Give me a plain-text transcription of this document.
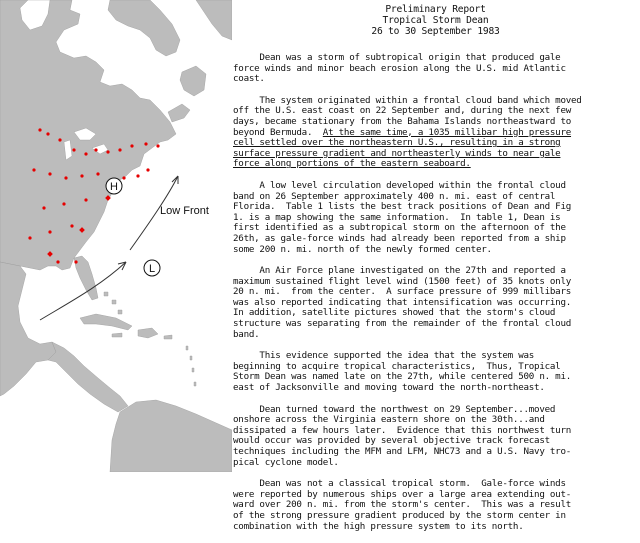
H
L
Low Front
Preliminary Report
Tropical Storm Dean
26 to 30 September 1983
Dean was a storm of subtropical origin that produced gale
force winds and minor beach erosion along the U.S. mid Atlantic
coast.
The system originated within a frontal cloud band which moved
off the U.S. east coast on 22 September and, during the next few
days, became stationary from the Bahama Islands northeastward to
beyond Bermuda.  At the same time, a 1035 millibar high pressure
cell settled over the northeastern U.S., resulting in a strong
surface pressure gradient and northeasterly winds to near gale
force along portions of the eastern seaboard.
A low level circulation developed within the frontal cloud
band on 26 September approximately 400 n. mi. east of central
Florida.  Table 1 lists the best track positions of Dean and Fig
1. is a map showing the same information.  In table 1, Dean is
first identified as a subtropical storm on the afternoon of the
26th, as gale-force winds had already been reported from a ship
some 200 n. mi. north of the newly formed center.
An Air Force plane investigated on the 27th and reported a
maximum sustained flight level wind (1500 feet) of 35 knots only
20 n. mi.  from the center.  A surface pressure of 999 millibars
was also reported indicating that intensification was occurring.
In addition, satellite pictures showed that the storm's cloud
structure was separating from the remainder of the frontal cloud
band.
This evidence supported the idea that the system was
beginning to acquire tropical characteristics,  Thus, Tropical
Storm Dean was named late on the 27th, while centered 500 n. mi.
east of Jacksonville and moving toward the north-northeast.
Dean turned toward the northwest on 29 September...moved
onshore across the Virginia eastern shore on the 30th...and
dissipated a few hours later.  Evidence that this northwest turn
would occur was provided by several objective track forecast
techniques including the MFM and LFM, NHC73 and a U.S. Navy tro-
pical cyclone model.
Dean was not a classical tropical storm.  Gale-force winds
were reported by numerous ships over a large area extending out-
ward over 200 n. mi. from the storm's center.  This was a result
of the strong pressure gradient produced by the storm center in
combination with the high pressure system to its north.
